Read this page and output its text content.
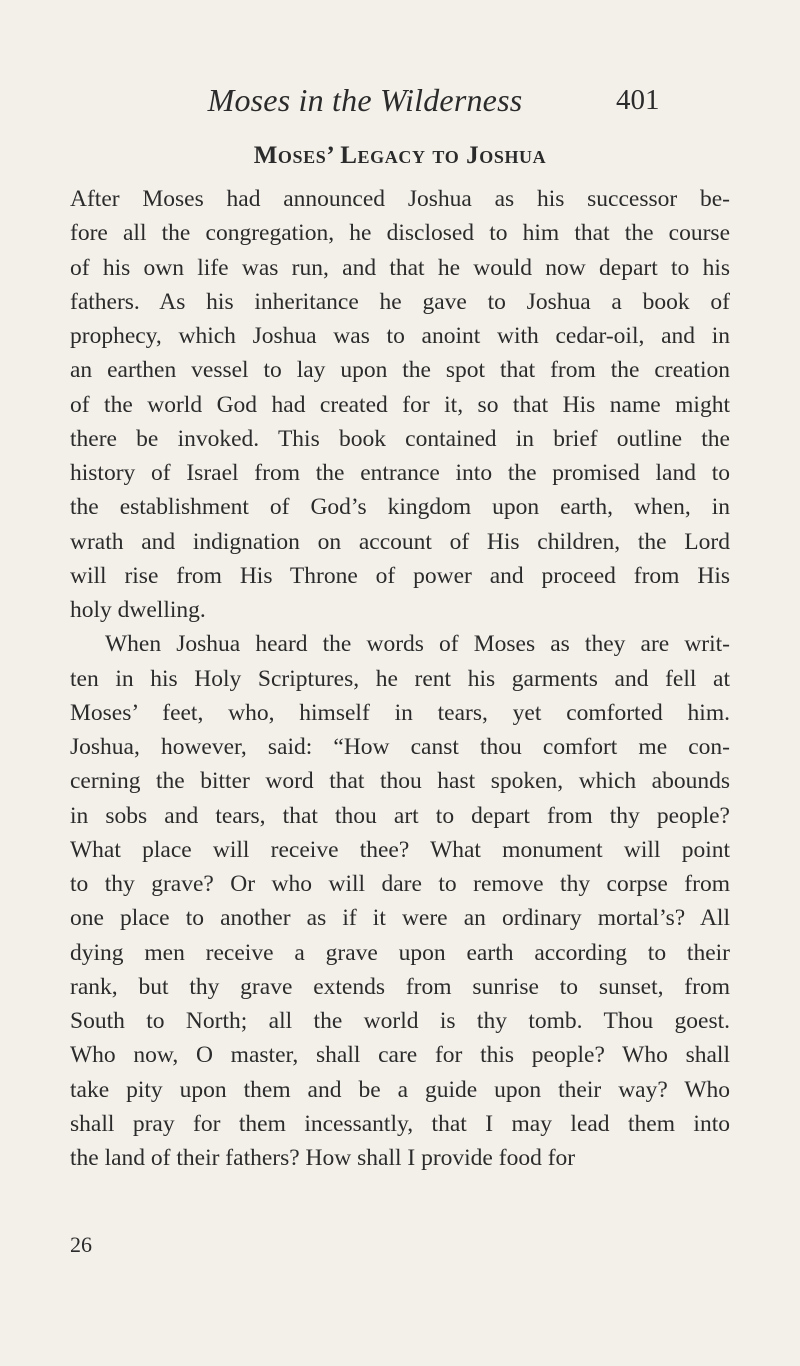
Moses in the Wilderness	401
Moses’ Legacy to Joshua
After Moses had announced Joshua as his successor be-
fore all the congregation, he disclosed to him that the course
of his own life was run, and that he would now depart to his
fathers. As his inheritance he gave to Joshua a book of
prophecy, which Joshua was to anoint with cedar-oil, and in
an earthen vessel to lay upon the spot that from the creation
of the world God had created for it, so that His name might
there be invoked. This book contained in brief outline the
history of Israel from the entrance into the promised land to
the establishment of God’s kingdom upon earth, when, in
wrath and indignation on account of His children, the Lord
will rise from His Throne of power and proceed from His
holy dwelling.
When Joshua heard the words of Moses as they are writ-
ten in his Holy Scriptures, he rent his garments and fell at
Moses’ feet, who, himself in tears, yet comforted him.
Joshua, however, said: “How canst thou comfort me con-
cerning the bitter word that thou hast spoken, which abounds
in sobs and tears, that thou art to depart from thy people?
What place will receive thee? What monument will point
to thy grave? Or who will dare to remove thy corpse from
one place to another as if it were an ordinary mortal’s? All
dying men receive a grave upon earth according to their
rank, but thy grave extends from sunrise to sunset, from
South to North; all the world is thy tomb. Thou goest.
Who now, O master, shall care for this people? Who shall
take pity upon them and be a guide upon their way? Who
shall pray for them incessantly, that I may lead them into
the land of their fathers? How shall I provide food for
26
